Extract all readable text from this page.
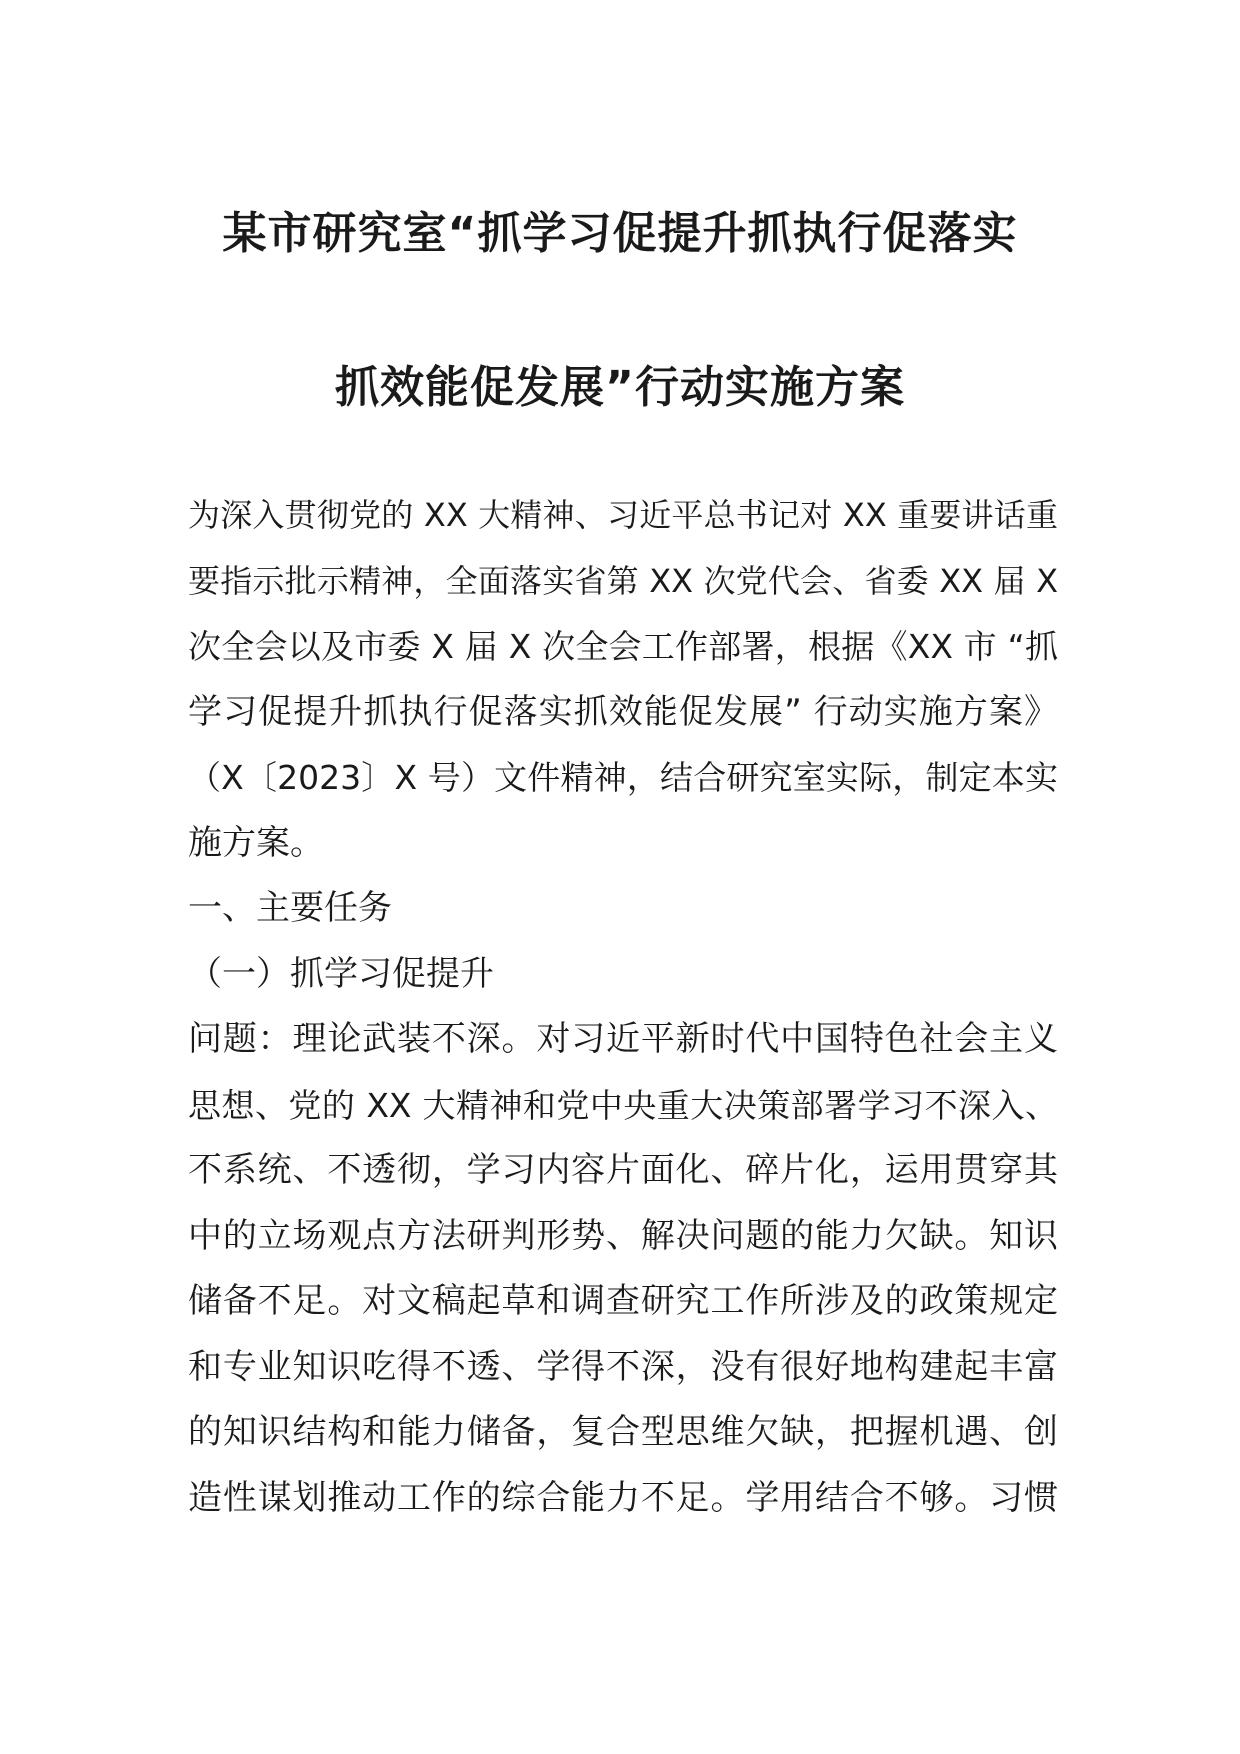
某市研究室“抓学习促提升抓执行促落实
抓效能促发展”行动实施方案
为深入贯彻党的 XX 大精神、习近平总书记对 XX 重要讲话重
要指示批示精神，全面落实省第 XX 次党代会、省委 XX 届 X
次全会以及市委 X 届 X 次全会工作部署，根据《XX 市 “抓
学习促提升抓执行促落实抓效能促发展” 行动实施方案》
（X〔2023〕X 号）文件精神，结合研究室实际，制定本实
施方案。
一、主要任务
（一）抓学习促提升
问题：理论武装不深。对习近平新时代中国特色社会主义
思想、党的 XX 大精神和党中央重大决策部署学习不深入、
不系统、不透彻，学习内容片面化、碎片化，运用贯穿其
中的立场观点方法研判形势、解决问题的能力欠缺。知识
储备不足。对文稿起草和调查研究工作所涉及的政策规定
和专业知识吃得不透、学得不深，没有很好地构建起丰富
的知识结构和能力储备，复合型思维欠缺，把握机遇、创
造性谋划推动工作的综合能力不足。学用结合不够。习惯
